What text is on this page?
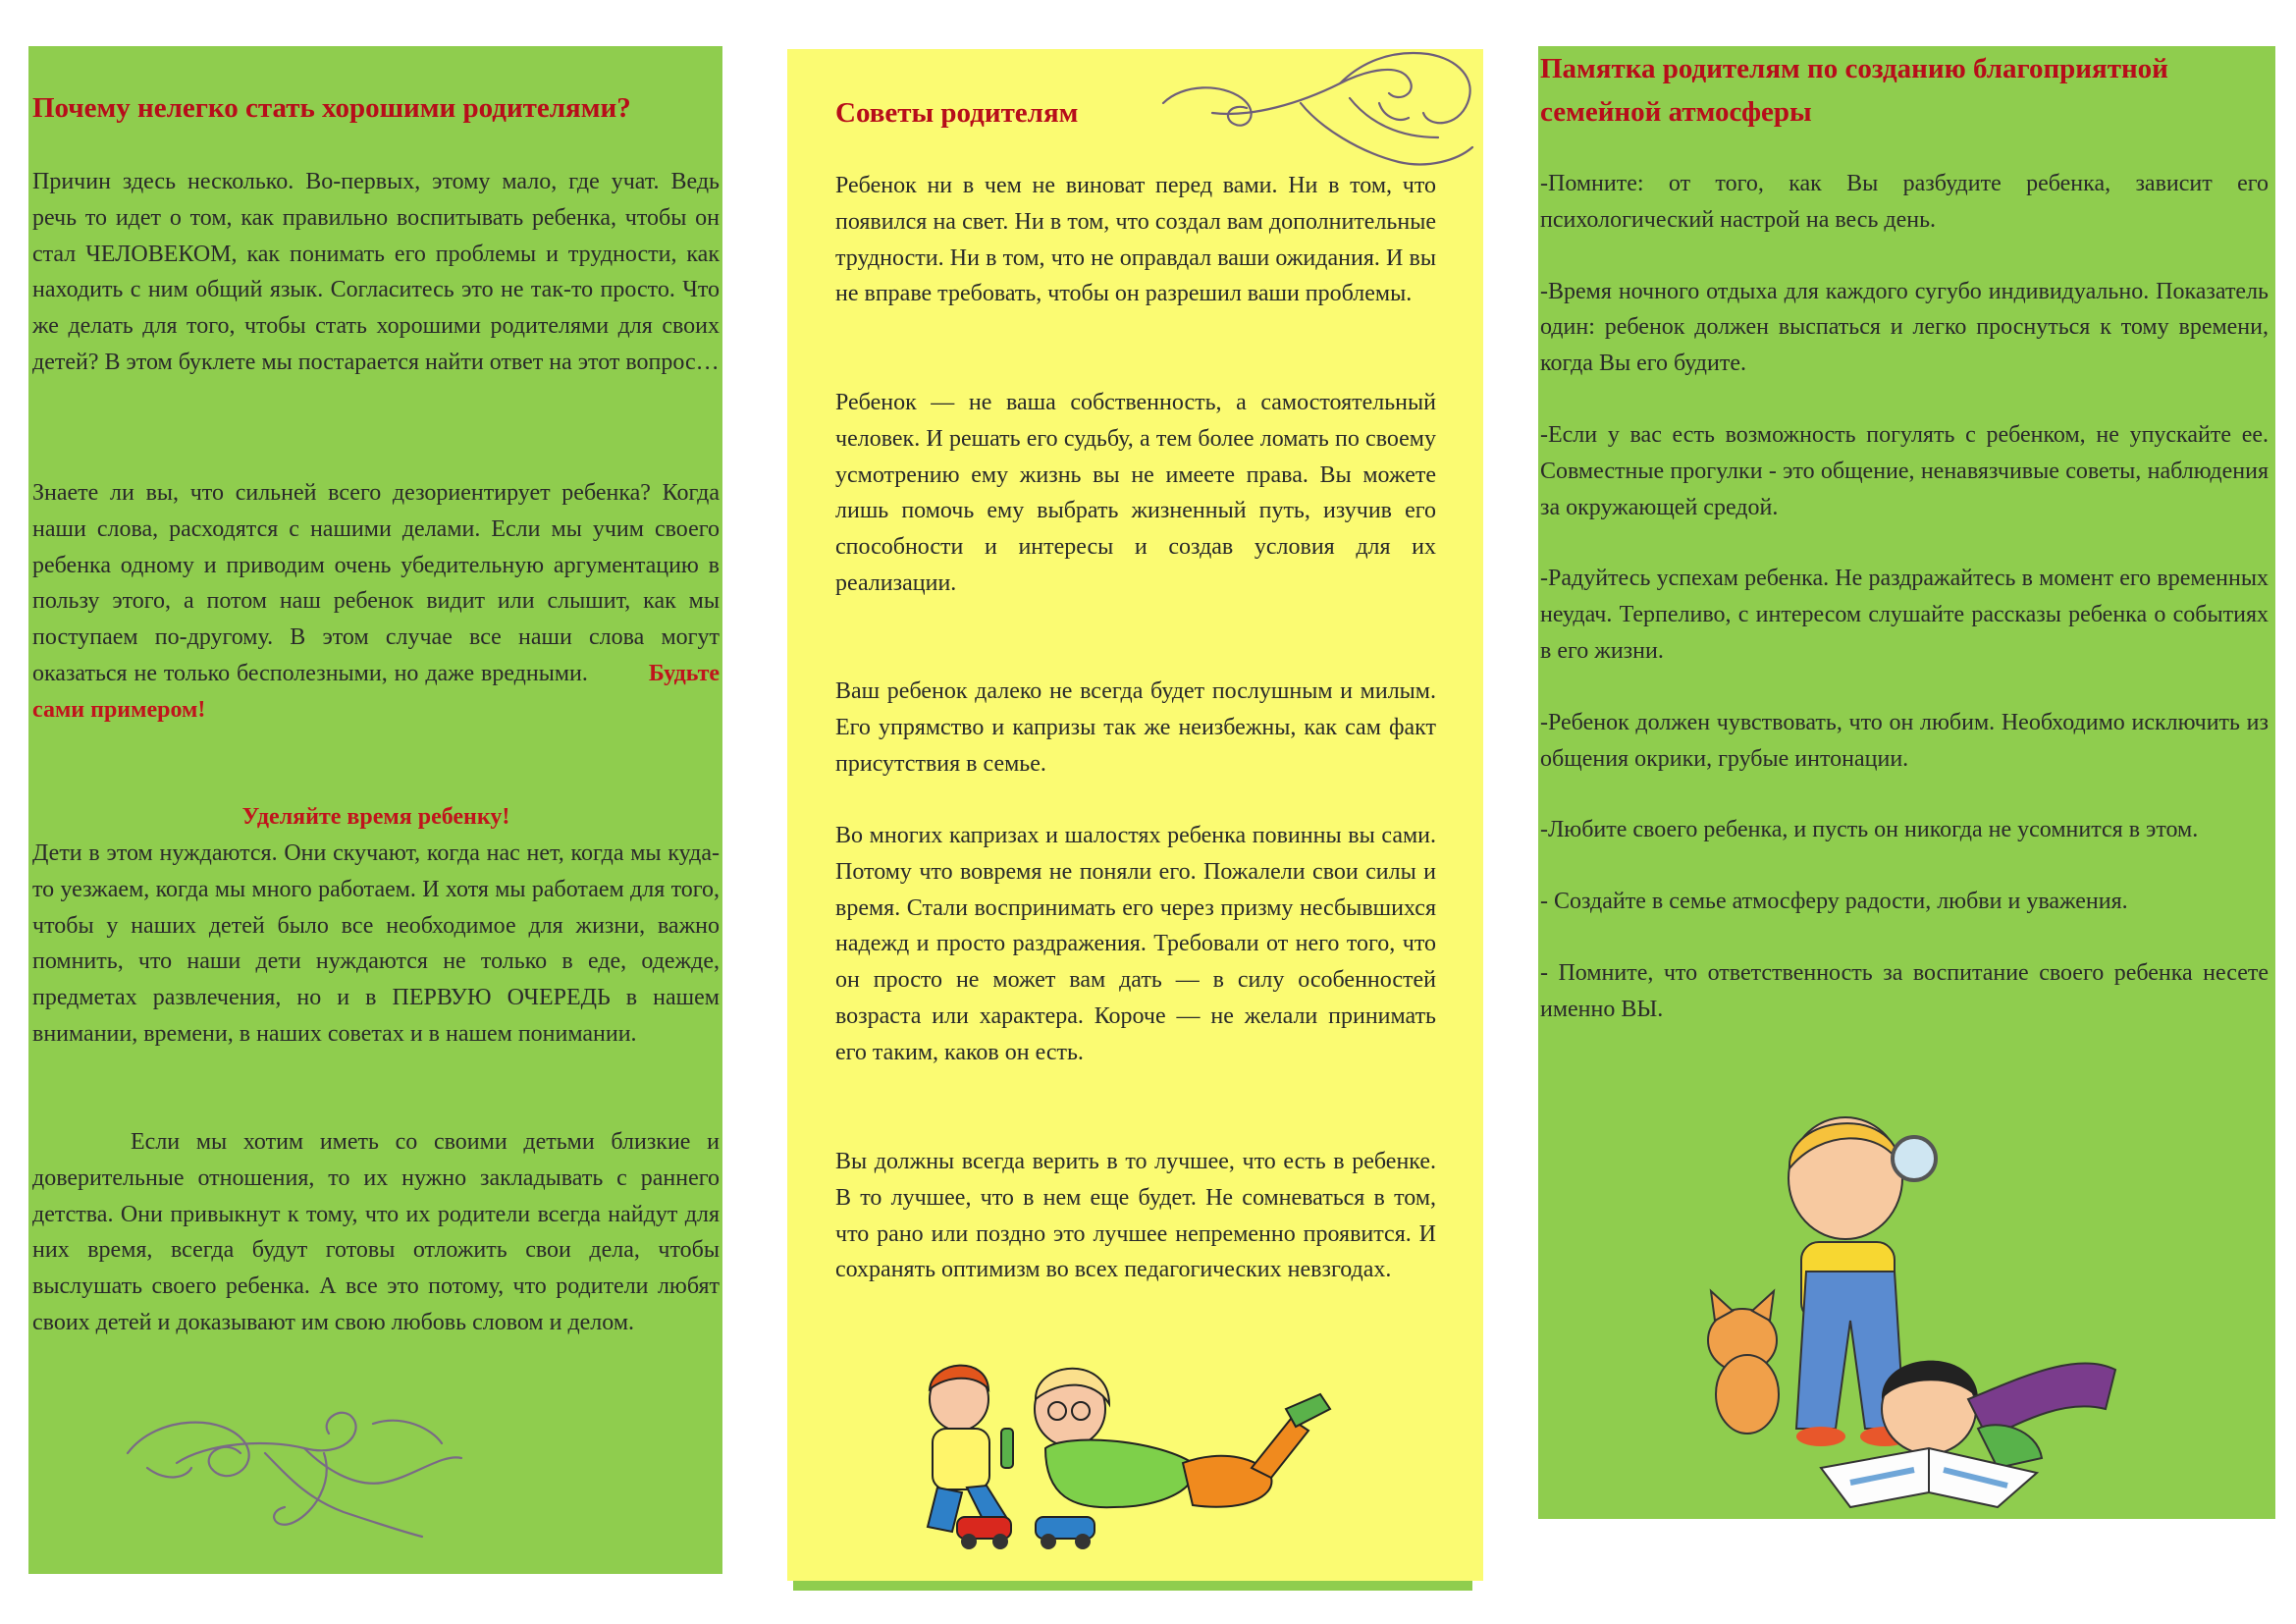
Почему нелегко стать хорошими родителями?

Причин здесь несколько. Во-первых, этому мало, где учат. Ведь речь то идет о том, как правильно воспитывать ребенка, чтобы он стал ЧЕЛОВЕКОМ, как понимать его проблемы и трудности, как находить с ним общий язык. Согласитесь это не так-то просто. Что же делать для того, чтобы стать хорошими родителями для своих детей? В этом буклете мы постарается найти ответ на этот вопрос…

Знаете ли вы, что сильней всего дезориентирует ребенка? Когда наши слова, расходятся с нашими делами. Если мы учим своего ребенка одному и приводим очень убедительную аргументацию в пользу этого, а потом наш ребенок видит или слышит, как мы поступаем по-другому. В этом случае все наши слова могут оказаться не только бесполезными, но даже вредными.	Будьте сами примером!

Уделяйте время ребенку!

Дети в этом нуждаются. Они скучают, когда нас нет, когда мы куда-то уезжаем, когда мы много работаем. И хотя мы работаем для того, чтобы у наших детей было все необходимое для жизни, важно помнить, что наши дети нуждаются не только в еде, одежде, предметах развлечения, но и в ПЕРВУЮ ОЧЕРЕДЬ в нашем внимании, времени, в наших советах и в нашем понимании.

Если мы хотим иметь со своими детьми близкие и доверительные отношения, то их нужно закладывать с раннего детства. Они привыкнут к тому, что их родители всегда найдут для них время, всегда будут готовы отложить свои дела, чтобы выслушать своего ребенка. А все это потому, что родители любят своих детей и доказывают им свою любовь словом и делом.

Советы родителям

Ребенок ни в чем не виноват перед вами. Ни в том, что появился на свет. Ни в том, что создал вам дополнительные трудности. Ни в том, что не оправдал ваши ожидания. И вы не вправе требовать, чтобы он разрешил ваши проблемы.

Ребенок — не ваша собственность, а самостоятельный человек. И решать его судьбу, а тем более ломать по своему усмотрению ему жизнь вы не имеете права. Вы можете лишь помочь ему выбрать жизненный путь, изучив его способности и интересы и создав условия для их реализации.

Ваш ребенок далеко не всегда будет послушным и милым. Его упрямство и капризы так же неизбежны, как сам факт присутствия в семье.

Во многих капризах и шалостях ребенка повинны вы сами. Потому что вовремя не поняли его. Пожалели свои силы и время. Стали воспринимать его через призму несбывшихся надежд и просто раздражения. Требовали от него того, что он просто не может вам дать — в силу особенностей возраста или характера. Короче — не желали принимать его таким, каков он есть.

Вы должны всегда верить в то лучшее, что есть в ребенке. В то лучшее, что в нем еще будет. Не сомневаться в том, что рано или поздно это лучшее непременно проявится. И сохранять оптимизм во всех педагогических невзгодах.

Памятка родителям по созданию благоприятной семейной атмосферы

-Помните: от того, как Вы разбудите ребенка, зависит его психологический настрой на весь день.

-Время ночного отдыха для каждого сугубо индивидуально. Показатель один: ребенок должен выспаться и легко проснуться к тому времени, когда Вы его будите.

-Если у вас есть возможность погулять с ребенком, не упускайте ее. Совместные прогулки - это общение, ненавязчивые советы, наблюдения за окружающей средой.

-Радуйтесь успехам ребенка. Не раздражайтесь в момент его временных неудач. Терпеливо, с интересом слушайте рассказы ребенка о событиях в его жизни.

-Ребенок должен чувствовать, что он любим. Необходимо исключить из общения окрики, грубые интонации.

-Любите своего ребенка, и пусть он никогда не усомнится в этом.

- Создайте в семье атмосферу радости, любви и уважения.

- Помните, что ответственность за воспитание своего ребенка несете именно ВЫ.
